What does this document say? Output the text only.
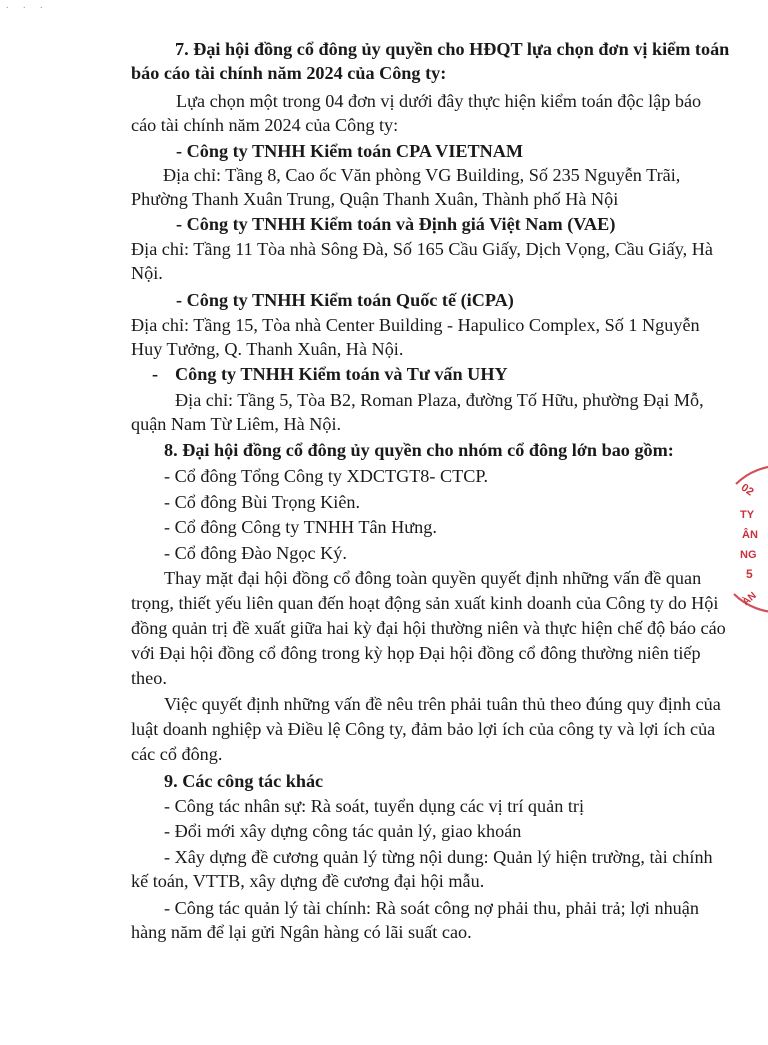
. . .
7. Đại hội đồng cổ đông ủy quyền cho HĐQT lựa chọn đơn vị kiểm toán
báo cáo tài chính năm 2024 của Công ty:
Lựa chọn một trong 04 đơn vị dưới đây thực hiện kiểm toán độc lập báo
cáo tài chính năm 2024 của Công ty:
- Công ty TNHH Kiểm toán CPA VIETNAM
Địa chỉ: Tầng 8, Cao ốc Văn phòng VG Building, Số 235 Nguyễn Trãi,
Phường Thanh Xuân Trung, Quận Thanh Xuân, Thành phố Hà Nội
- Công ty TNHH Kiểm toán và Định giá Việt Nam (VAE)
Địa chỉ: Tầng 11 Tòa nhà Sông Đà, Số 165 Cầu Giấy, Dịch Vọng, Cầu Giấy, Hà
Nội.
- Công ty TNHH Kiểm toán Quốc tế (iCPA)
Địa chỉ: Tầng 15, Tòa nhà Center Building - Hapulico Complex, Số 1 Nguyễn
Huy Tưởng, Q. Thanh Xuân, Hà Nội.
- Công ty TNHH Kiểm toán và Tư vấn UHY
Địa chỉ: Tầng 5, Tòa B2, Roman Plaza, đường Tố Hữu, phường Đại Mỗ,
quận Nam Từ Liêm, Hà Nội.
8. Đại hội đồng cổ đông ủy quyền cho nhóm cổ đông lớn bao gồm:
- Cổ đông Tổng Công ty XDCTGT8- CTCP.
- Cổ đông Bùi Trọng Kiên.
- Cổ đông Công ty TNHH Tân Hưng.
- Cổ đông Đào Ngọc Ký.
Thay mặt đại hội đồng cổ đông toàn quyền quyết định những vấn đề quan
trọng, thiết yếu liên quan đến hoạt động sản xuất kinh doanh của Công ty do Hội
đồng quản trị đề xuất giữa hai kỳ đại hội thường niên và thực hiện chế độ báo cáo
với Đại hội đồng cổ đông trong kỳ họp Đại hội đồng cổ đông thường niên tiếp
theo.
Việc quyết định những vấn đề nêu trên phải tuân thủ theo đúng quy định của
luật doanh nghiệp và Điều lệ Công ty, đảm bảo lợi ích của công ty và lợi ích của
các cổ đông.
9. Các công tác khác
- Công tác nhân sự: Rà soát, tuyển dụng các vị trí quản trị
- Đổi mới xây dựng công tác quản lý, giao khoán
- Xây dựng đề cương quản lý từng nội dung: Quản lý hiện trường, tài chính
kế toán, VTTB, xây dựng đề cương đại hội mẫu.
- Công tác quản lý tài chính: Rà soát công nợ phải thu, phải trả; lợi nhuận
hàng năm để lại gửi Ngân hàng có lãi suất cao.
02
TY
ÂN
NG
5
ÀN
